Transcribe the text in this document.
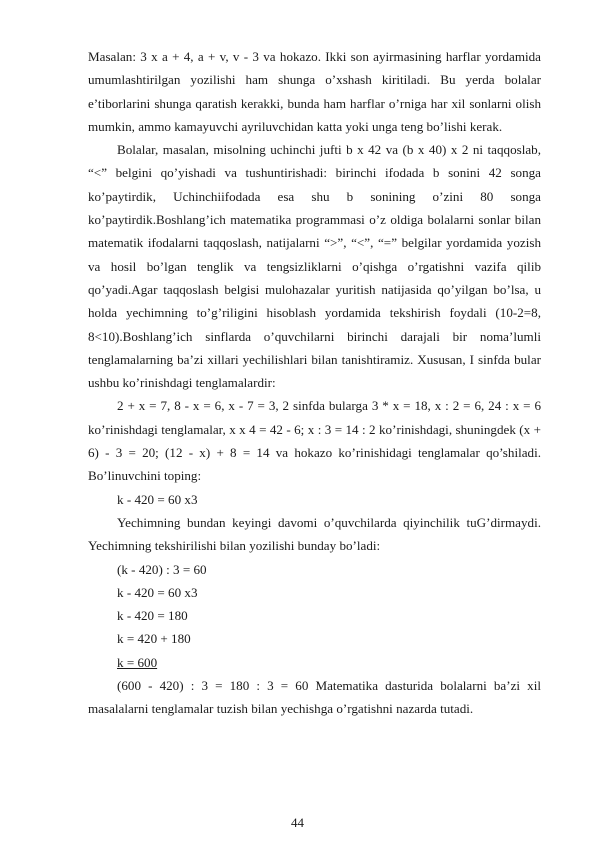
Masalan: 3 x a + 4, a + v, v - 3 va hokazo. Ikki son ayirmasining harflar yordamida umumlashtirilgan yozilishi ham shunga o’xshash kiritiladi. Bu yerda bolalar e’tiborlarini shunga qaratish kerakki, bunda ham harflar o’rniga har xil sonlarni olish mumkin, ammo kamayuvchi ayriluvchidan katta yoki unga teng bo’lishi kerak.

Bolalar, masalan, misolning uchinchi jufti b x 42 va (b x 40) x 2 ni taqqoslab, “<” belgini qo’yishadi va tushuntirishadi: birinchi ifodada b sonini 42 songa ko’paytirdik, Uchinchiifodada esa shu b sonining o’zini 80 songa ko’paytirdik.Boshlang’ich matematika programmasi o’z oldiga bolalarni sonlar bilan matematik ifodalarni taqqoslash, natijalarni “>”, “<”, “=” belgilar yordamida yozish va hosil bo’lgan tenglik va tengsizliklarni o’qishga o’rgatishni vazifa qilib qo’yadi.Agar taqqoslash belgisi mulohazalar yuritish natijasida qo’yilgan bo’lsa, u holda yechimning to’g’riligini hisoblash yordamida tekshirish foydali (10-2=8, 8<10).Boshlang’ich sinflarda o’quvchilarni birinchi darajali bir noma’lumli tenglamalarning ba’zi xillari yechilishlari bilan tanishtiramiz. Xususan, I sinfda bular ushbu ko’rinishdagi tenglamalardir:

2 + x = 7, 8 - x = 6, x - 7 = 3, 2 sinfda bularga 3 * x = 18, x : 2 = 6, 24 : x = 6 ko’rinishdagi tenglamalar, x x 4 = 42 - 6; x : 3 = 14 : 2 ko’rinishdagi, shuningdek (x + 6) - 3 = 20; (12 - x) + 8 = 14 va hokazo ko’rinishidagi tenglamalar qo’shiladi. Bo’linuvchini toping:

k - 420 = 60 x3

Yechimning bundan keyingi davomi o’quvchilarda qiyinchilik tuG’dirmaydi. Yechimning tekshirilishi bilan yozilishi bunday bo’ladi:

(k - 420) : 3 = 60

k - 420 = 60 x3

k - 420 = 180

k = 420 + 180

k = 600

(600 - 420) : 3 = 180 : 3 = 60 Matematika dasturida bolalarni ba’zi xil masalalarni tenglamalar tuzish bilan yechishga o’rgatishni nazarda tutadi.

44
